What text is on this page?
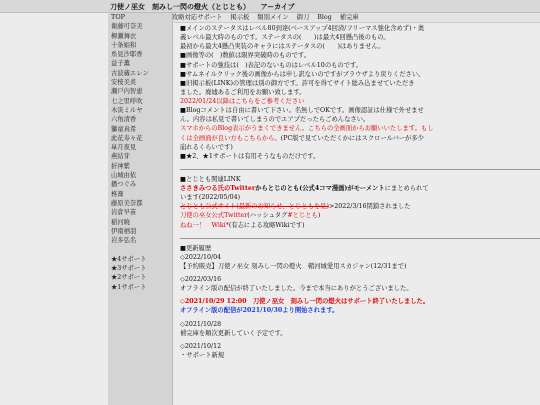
刀使ノ巫女　刻みし一閃の燈火（とじとも） アーカイブ
TOP
衛藤可奈美
柳瀬舞衣
十条姫和
糸見沙耶香
益子薫
古波蔵エレン
安桜美炎
瀬戸内智恵
七之里呼吹
木寅ミルヤ
六角清香
獅童真希
此花寿々花
皐月夜見
燕結芽
折神紫
山城由依
播つぐみ
柊篝
藤原美奈都
岩倉早苗
稲河暁
伊南栖羽
岩多弘名
★4サポート
★3サポート
★2サポート
★1サポート
攻略対応サポート 掲示板 類別メイン 御刀 Blog 補完庫
■メインのステータスはレベル80到達(ベースアップ4回済/フリーマス強化含めず)・奥
義レベル最大時のものです。ステータスの(　　)は最大4回懸凸後のもの。
最初から最大4懸凸実装のキャラにはステータスの(　　)はありません。
■画像等の(　)数値は限界突破時のものです。
■サポートの強技は(　)表記のないものはレベル10のものです。
■サムネイルクリック後の画像からは申し訳ないのですがブラウザより戻りください。
■旧掲示板(LINK)の管理は別の御方です。許可を得てサイト総み込ませていただき
ました。廃墟あるご利用をお願い致します。
2022/01/24以降はこちらをご参考ください
■Blogコメントは自由に書いて下さい。名無しでOKです。画像認証は仕様で外せませ
ん。内容は私見で書いてしまうのでエアプだったらごめんなさい。
スマホからのBlog表示がうまくできません。こちらの全画面からお願いいたします。もし
くは全画面が良い方もこちらから。(PC版で見ていただくかにはスクロールバーが多少
崩れるくらいです)
■★2、★1サポートは有用そうなものだけです。
■とじとも関連LINK
ささきみつる氏のTwitterからとじのとも(公式4コマ漫画)がモーメントにまとめられて
います(2022/05/04)
とじとも公式サイト(最新のお知らせ、とじともを見)>2022/3/16閉鎖されました
刀使の巫女公式Twitter(ハッシュタグ#とじとも)
ねね一！　Wiki*(有志による攻略Wikiです)
■更新履歴
◇2022/10/04
【予約販売】刀使ノ巫女 刻みし一閃の燈火　鞘河城愛用スカジャン(12/31まで)
◇2022/03/16
オフライン版の配信が終了いたしました。今まで本当にありがとうございました。
◇2021/10/29 12:00　刀使ノ巫女　刻みし一閃の燈火はサポート終了いたしました。
オフライン版の配信が2021/10/30より開始されます。
◇2021/10/28
補完庫を順次更新していく予定です。
◇2021/10/12
・サポート新規
